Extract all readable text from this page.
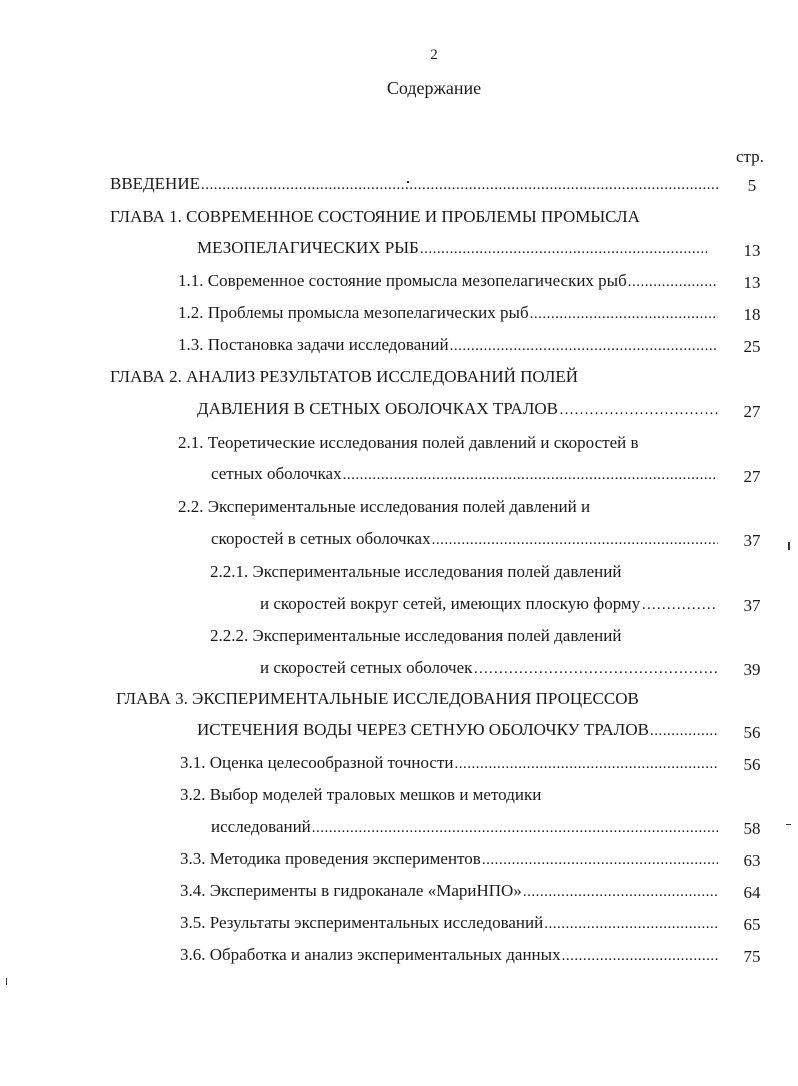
2
Содержание
стр.
ВВЕДЕНИЕ .....	5
ГЛАВА 1. СОВРЕМЕННОЕ СОСТОЯНИЕ И ПРОБЛЕМЫ ПРОМЫСЛА
МЕЗОПЕЛАГИЧЕСКИХ РЫБ .....	13
1.1. Современное состояние промысла мезопелагических рыб .....	13
1.2. Проблемы промысла мезопелагических рыб .....	18
1.3. Постановка задачи исследований .....	25
ГЛАВА 2. АНАЛИЗ РЕЗУЛЬТАТОВ ИССЛЕДОВАНИЙ ПОЛЕЙ
ДАВЛЕНИЯ В СЕТНЫХ ОБОЛОЧКАХ ТРАЛОВ …………………………………………………………………………………………………………	27
2.1. Теоретические исследования полей давлений и скоростей в
сетных оболочках .....	27
2.2. Экспериментальные исследования полей давлений и
скоростей в сетных оболочках .....	37
2.2.1. Экспериментальные исследования полей давлений
и скоростей вокруг сетей, имеющих плоскую форму …………………………………………………………………………………………………………	37
2.2.2. Экспериментальные исследования полей давлений
и скоростей сетных оболочек …………………………………………………………………………………………………………	39
ГЛАВА 3. ЭКСПЕРИМЕНТАЛЬНЫЕ ИССЛЕДОВАНИЯ ПРОЦЕССОВ
ИСТЕЧЕНИЯ ВОДЫ ЧЕРЕЗ СЕТНУЮ ОБОЛОЧКУ ТРАЛОВ .....	56
3.1. Оценка целесообразной точности .....	56
3.2. Выбор моделей траловых мешков и методики
исследований .....	58
3.3. Методика проведения экспериментов .....	63
3.4. Эксперименты в гидроканале «МариНПО» .....	64
3.5. Результаты экспериментальных исследований .....	65
3.6. Обработка и анализ экспериментальных данных .....	75
